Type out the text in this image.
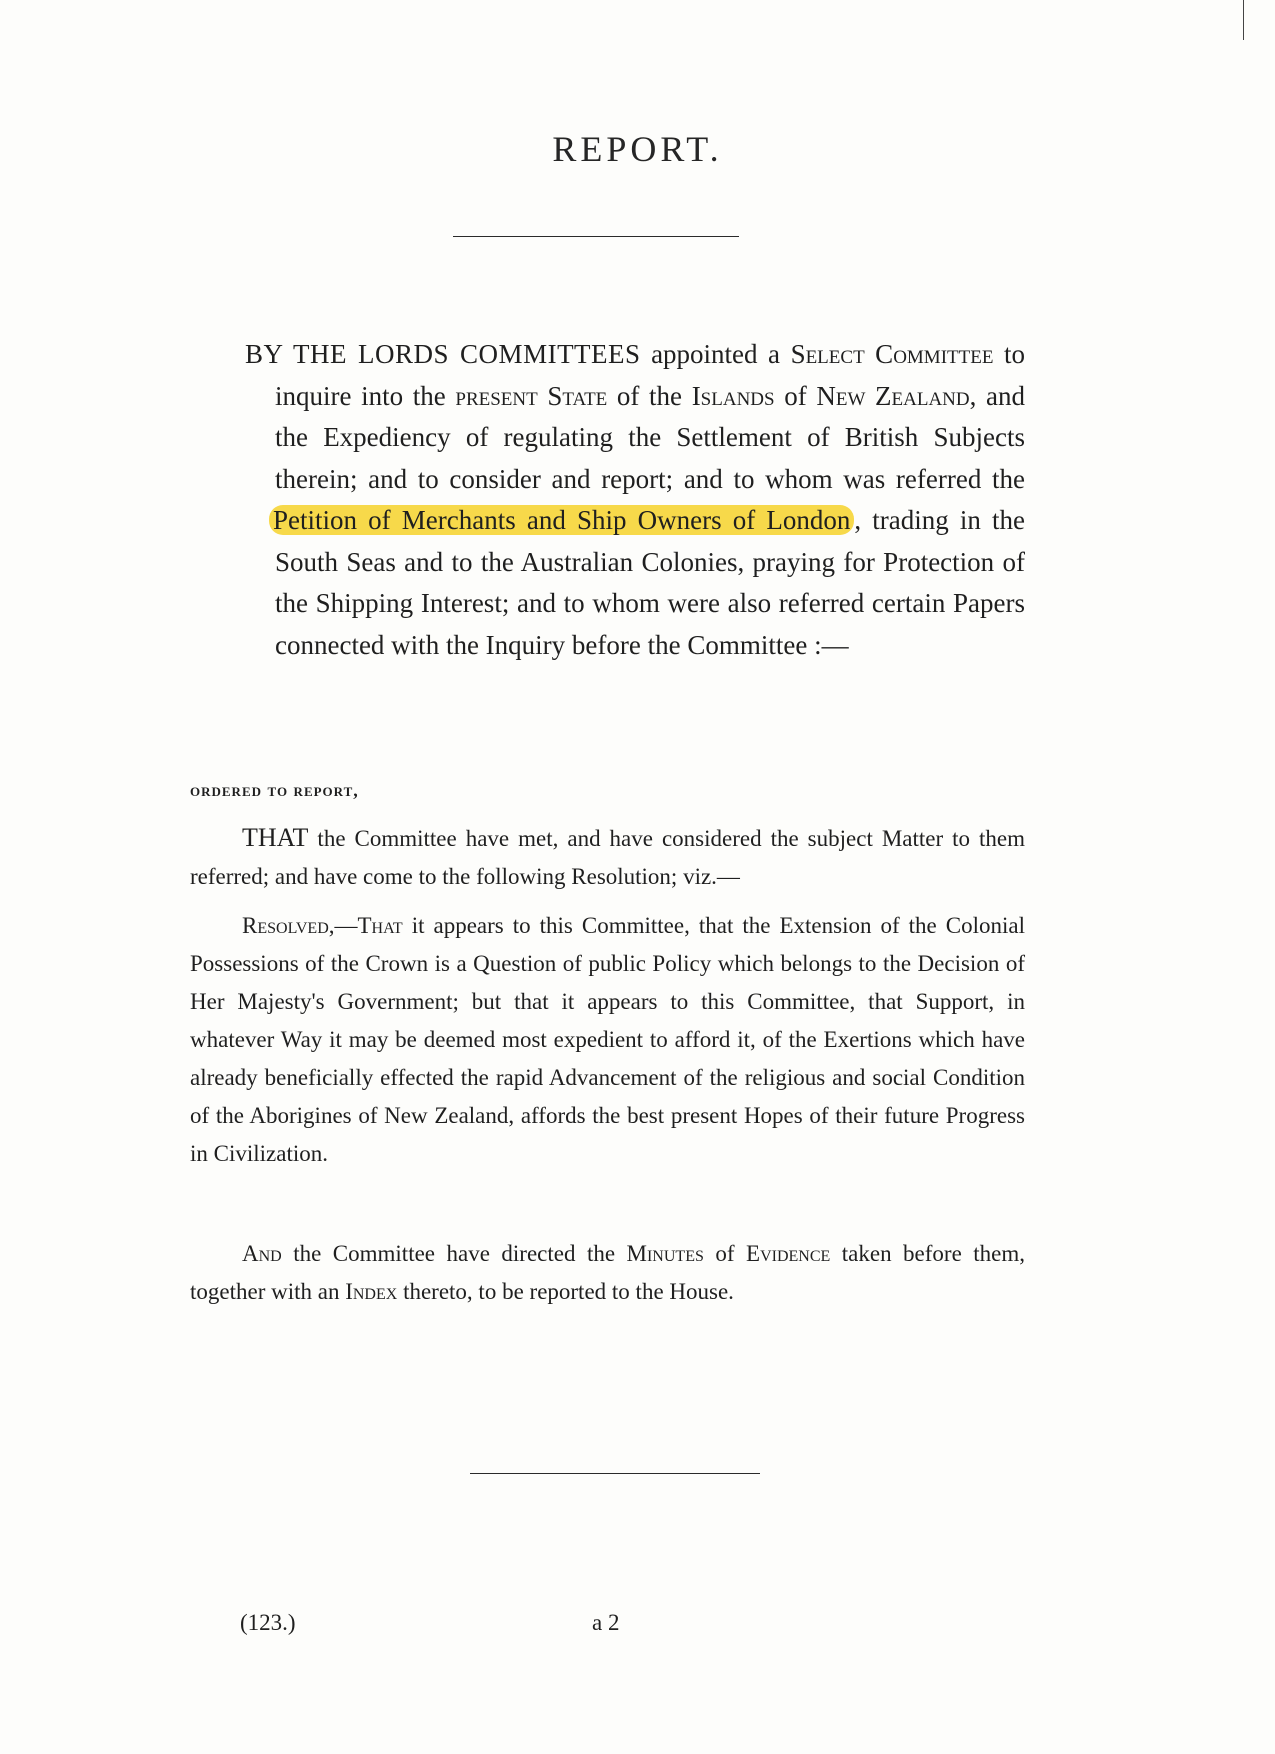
REPORT.
BY THE LORDS COMMITTEES appointed a Select Committee to inquire into the present State of the Islands of New Zealand, and the Expediency of regulating the Settlement of British Subjects therein; and to consider and report; and to whom was referred the Petition of Merchants and Ship Owners of London , trading in the South Seas and to the Australian Colonies, praying for Protection of the Shipping Interest; and to whom were also referred certain Papers connected with the Inquiry before the Committee :—
ordered to report,
THAT the Committee have met, and have considered the subject Matter to them referred; and have come to the following Resolution; viz.—
Resolved,—That it appears to this Committee, that the Extension of the Colonial Possessions of the Crown is a Question of public Policy which belongs to the Decision of Her Majesty's Government; but that it appears to this Committee, that Support, in whatever Way it may be deemed most expedient to afford it, of the Exertions which have already beneficially effected the rapid Advancement of the religious and social Condition of the Aborigines of New Zealand, affords the best present Hopes of their future Progress in Civilization.
And the Committee have directed the Minutes of Evidence taken before them, together with an Index thereto, to be reported to the House.
(123.)	a 2
